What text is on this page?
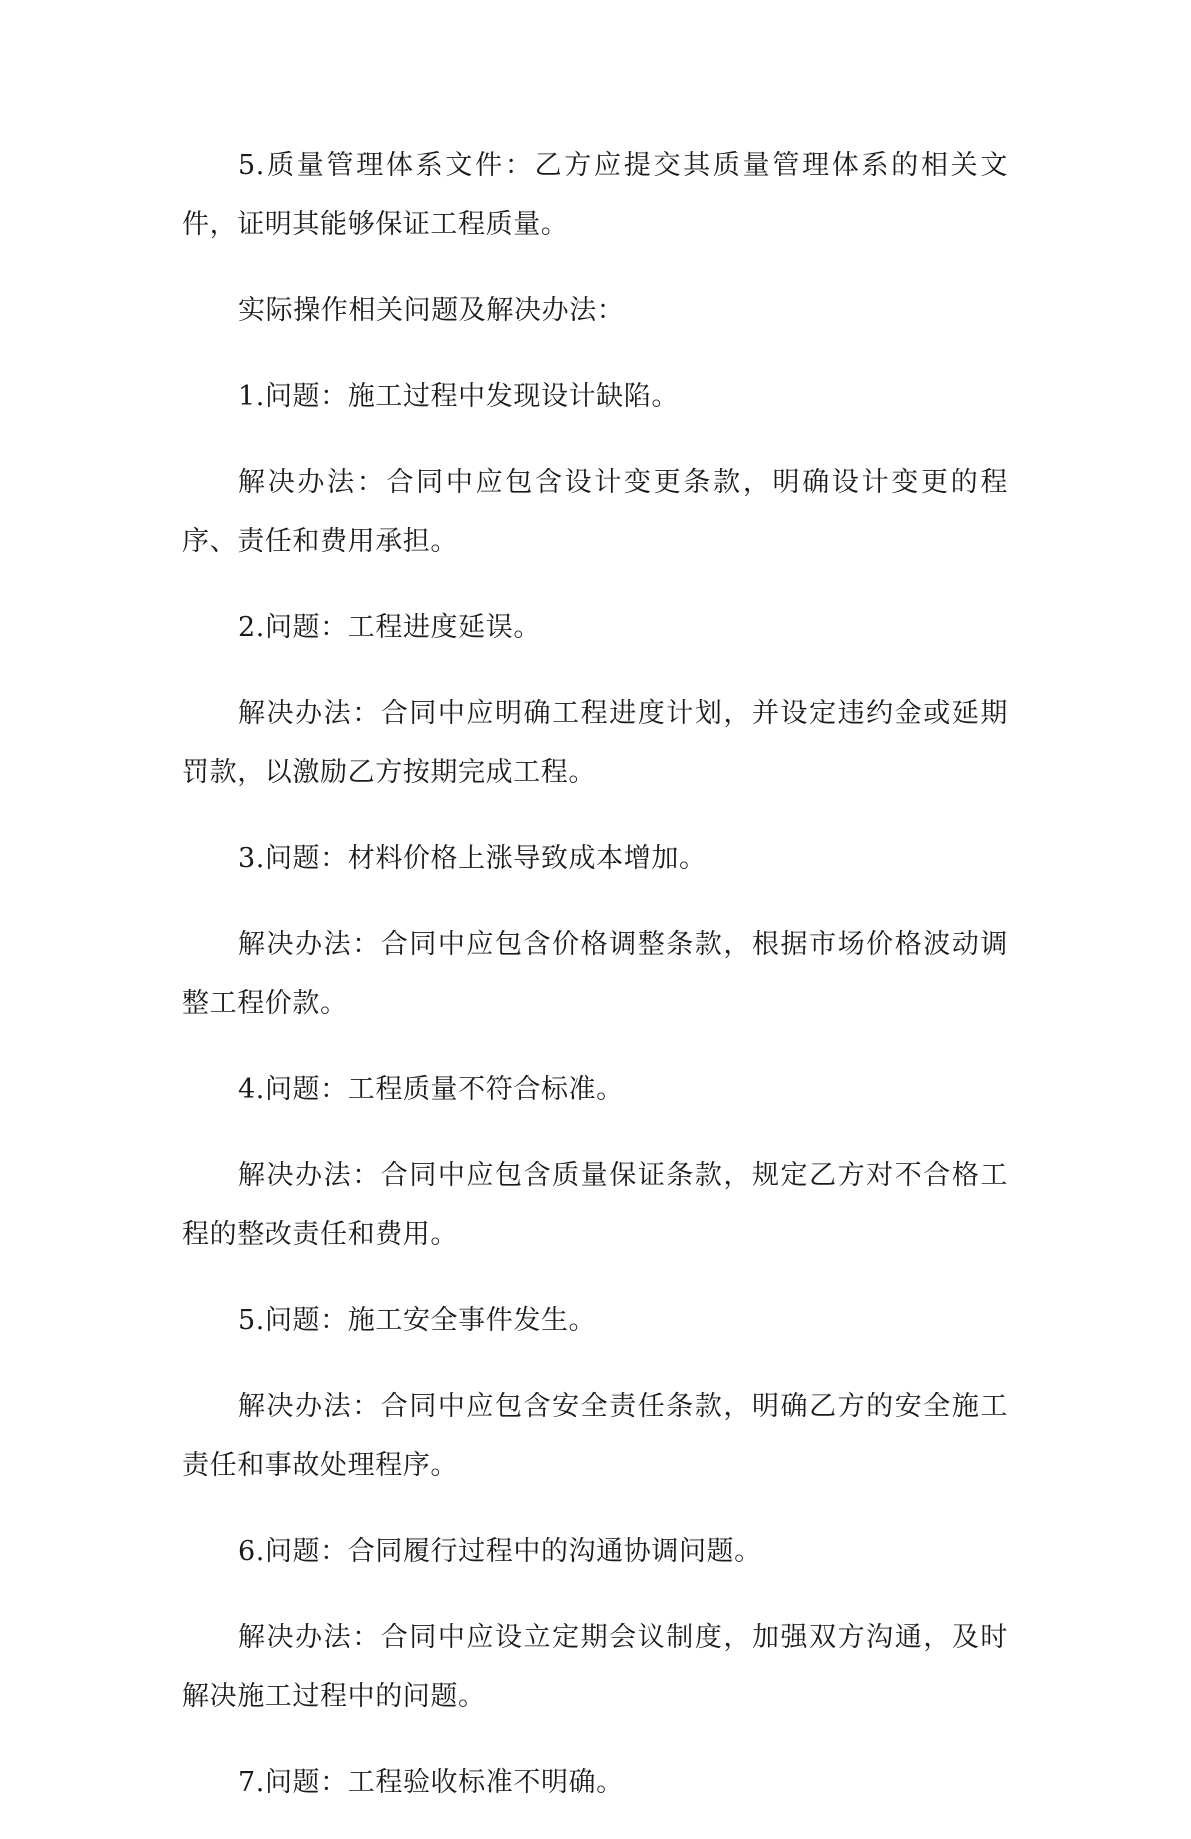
5.质量管理体系文件：乙方应提交其质量管理体系的相关文件，证明其能够保证工程质量。

实际操作相关问题及解决办法：

1.问题：施工过程中发现设计缺陷。

解决办法：合同中应包含设计变更条款，明确设计变更的程序、责任和费用承担。

2.问题：工程进度延误。

解决办法：合同中应明确工程进度计划，并设定违约金或延期罚款，以激励乙方按期完成工程。

3.问题：材料价格上涨导致成本增加。

解决办法：合同中应包含价格调整条款，根据市场价格波动调整工程价款。

4.问题：工程质量不符合标准。

解决办法：合同中应包含质量保证条款，规定乙方对不合格工程的整改责任和费用。

5.问题：施工安全事件发生。

解决办法：合同中应包含安全责任条款，明确乙方的安全施工责任和事故处理程序。

6.问题：合同履行过程中的沟通协调问题。

解决办法：合同中应设立定期会议制度，加强双方沟通，及时解决施工过程中的问题。

7.问题：工程验收标准不明确。
